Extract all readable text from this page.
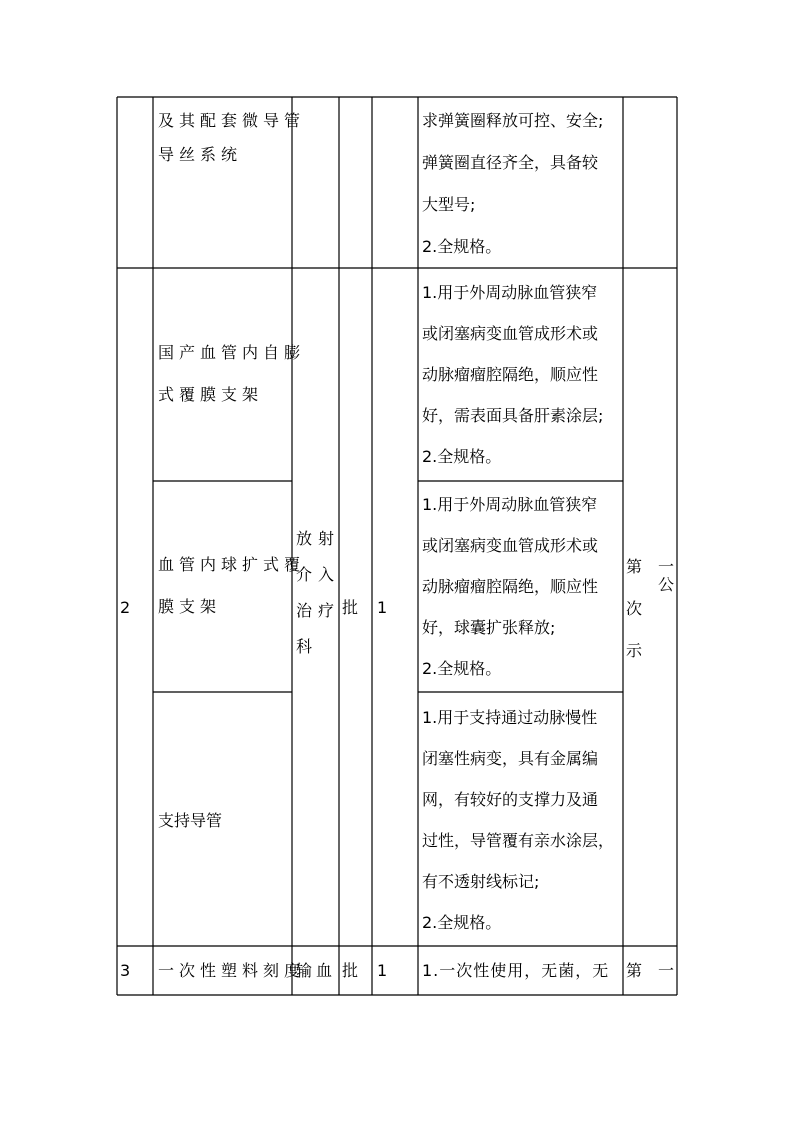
及其配套微导管
导丝系统
求弹簧圈释放可控、安全;
弹簧圈直径齐全，具备较
大型号;
2.全规格。
2
国产血管内自膨
式覆膜支架
血管内球扩式覆
膜支架
支持导管
放射
介入
治疗
科
批 1
1.用于外周动脉血管狭窄
或闭塞病变血管成形术或
动脉瘤瘤腔隔绝，顺应性
好，需表面具备肝素涂层;
2.全规格。
1.用于外周动脉血管狭窄
或闭塞病变血管成形术或
动脉瘤瘤腔隔绝，顺应性
好，球囊扩张释放;
2.全规格。
1.用于支持通过动脉慢性
闭塞性病变，具有金属编
网，有较好的支撑力及通
过性，导管覆有亲水涂层，
有不透射线标记;
2.全规格。
第 一
次
公
示
3 一次性塑料刻度
输血 批 1 1.一次性使用，无菌，无 第 一
